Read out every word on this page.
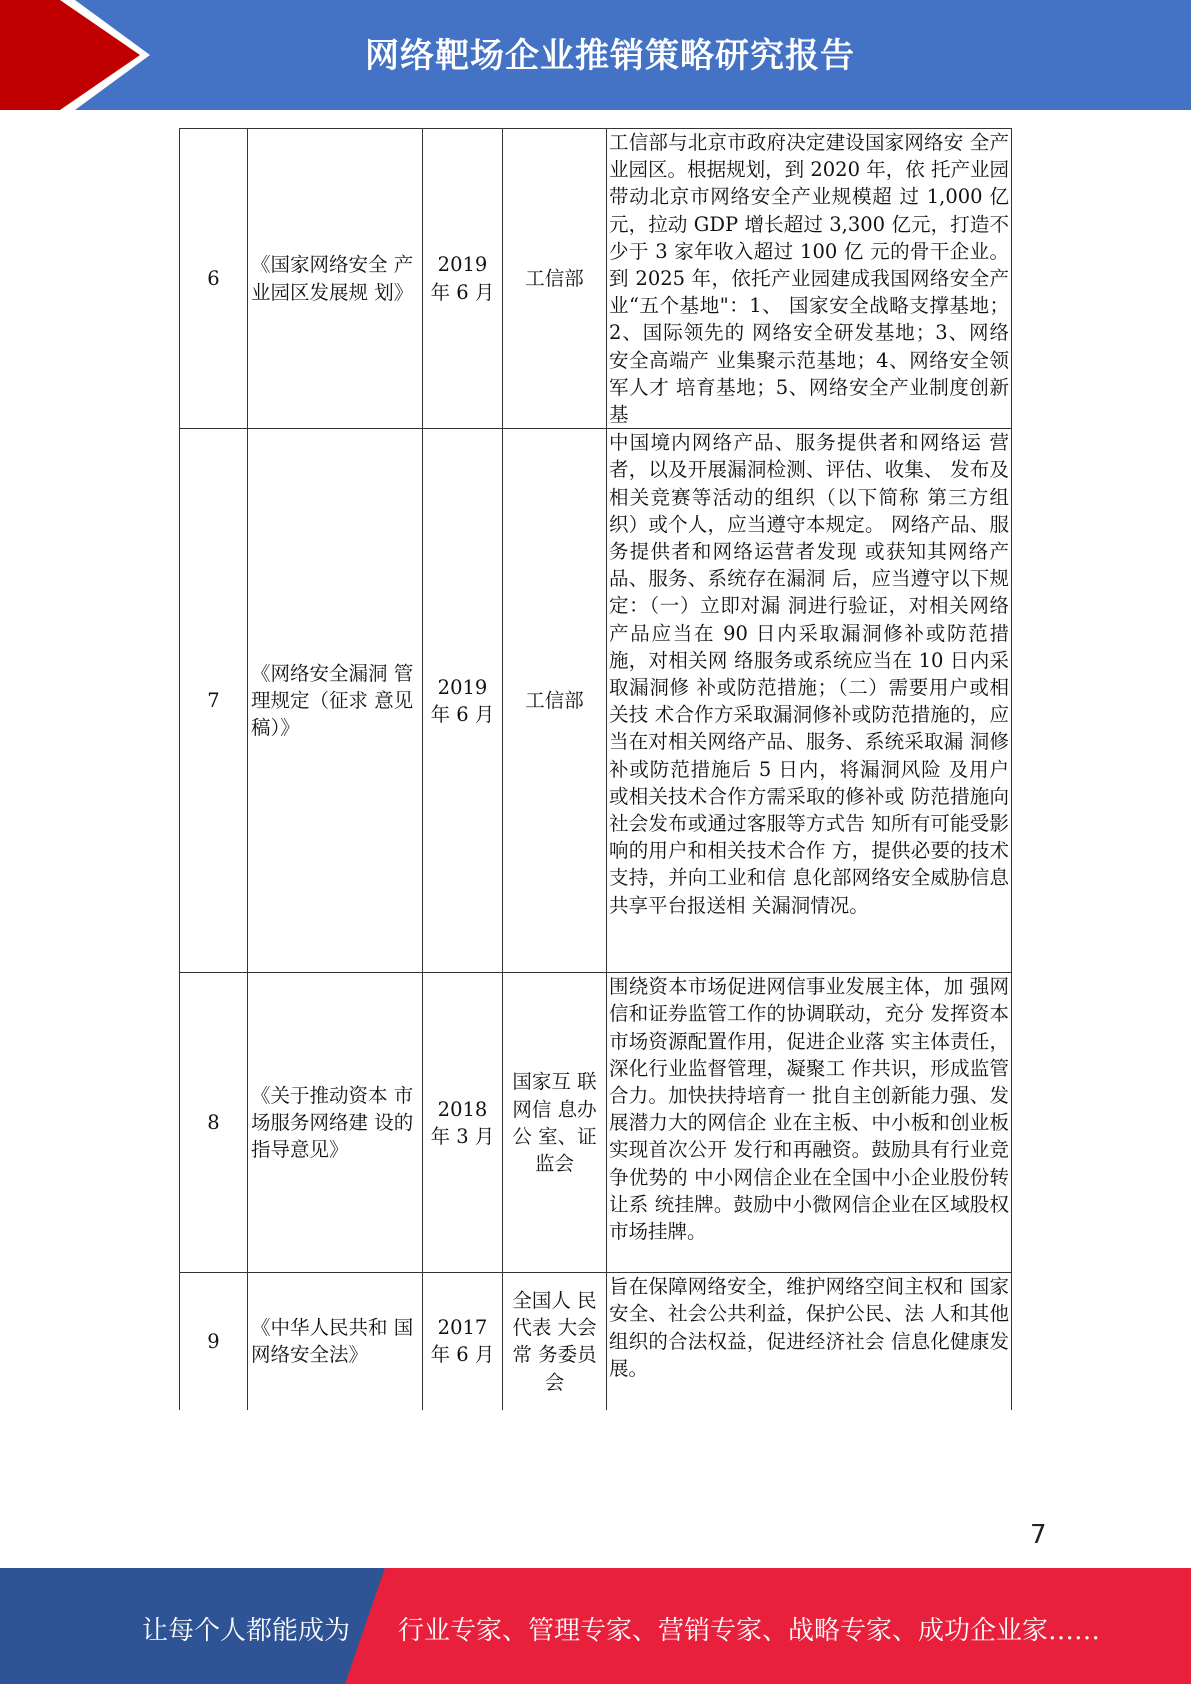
网络靶场企业推销策略研究报告
6	《国家网络安全 产业园区发展规 划》	2019 年 6 月	工信部	工信部与北京市政府决定建设国家网络安 全产业园区。根据规划，到 2020 年，依 托产业园带动北京市网络安全产业规模超 过 1,000 亿元，拉动 GDP 增长超过 3,300 亿元，打造不少于 3 家年收入超过 100 亿 元的骨干企业。到 2025 年，依托产业园建成我国网络安全产业“五个基地"：1、 国家安全战略支撑基地；2、国际领先的 网络安全研发基地；3、网络安全高端产 业集聚示范基地；4、网络安全领军人才 培育基地；5、网络安全产业制度创新基
7	《网络安全漏洞 管理规定（征求 意见稿）》	2019 年 6 月	工信部	中国境内网络产品、服务提供者和网络运 营者，以及开展漏洞检测、评估、收集、 发布及相关竞赛等活动的组织（以下简称 第三方组织）或个人，应当遵守本规定。 网络产品、服务提供者和网络运营者发现 或获知其网络产品、服务、系统存在漏洞 后，应当遵守以下规定：（一）立即对漏 洞进行验证，对相关网络产品应当在 90 日内采取漏洞修补或防范措施，对相关网 络服务或系统应当在 10 日内采取漏洞修 补或防范措施；（二）需要用户或相关技 术合作方采取漏洞修补或防范措施的，应当在对相关网络产品、服务、系统采取漏 洞修补或防范措施后 5 日内，将漏洞风险 及用户或相关技术合作方需采取的修补或 防范措施向社会发布或通过客服等方式告 知所有可能受影响的用户和相关技术合作 方，提供必要的技术支持，并向工业和信 息化部网络安全威胁信息共享平台报送相 关漏洞情况。
8	《关于推动资本 市场服务网络建 设的指导意见》	2018 年 3 月	国家互 联网信 息办公 室、证 监会	围绕资本市场促进网信事业发展主体，加 强网信和证券监管工作的协调联动，充分 发挥资本市场资源配置作用，促进企业落 实主体责任，深化行业监督管理，凝聚工 作共识，形成监管合力。加快扶持培育一 批自主创新能力强、发展潜力大的网信企 业在主板、中小板和创业板实现首次公开 发行和再融资。鼓励具有行业竞争优势的 中小网信企业在全国中小企业股份转让系 统挂牌。鼓励中小微网信企业在区域股权 市场挂牌。
9	《中华人民共和 国网络安全法》	2017 年 6 月	全国人 民代表 大会常 务委员 会	旨在保障网络安全，维护网络空间主权和 国家安全、社会公共利益，保护公民、法 人和其他组织的合法权益，促进经济社会 信息化健康发展。
7
让每个人都能成为 行业专家、管理专家、营销专家、战略专家、成功企业家……
